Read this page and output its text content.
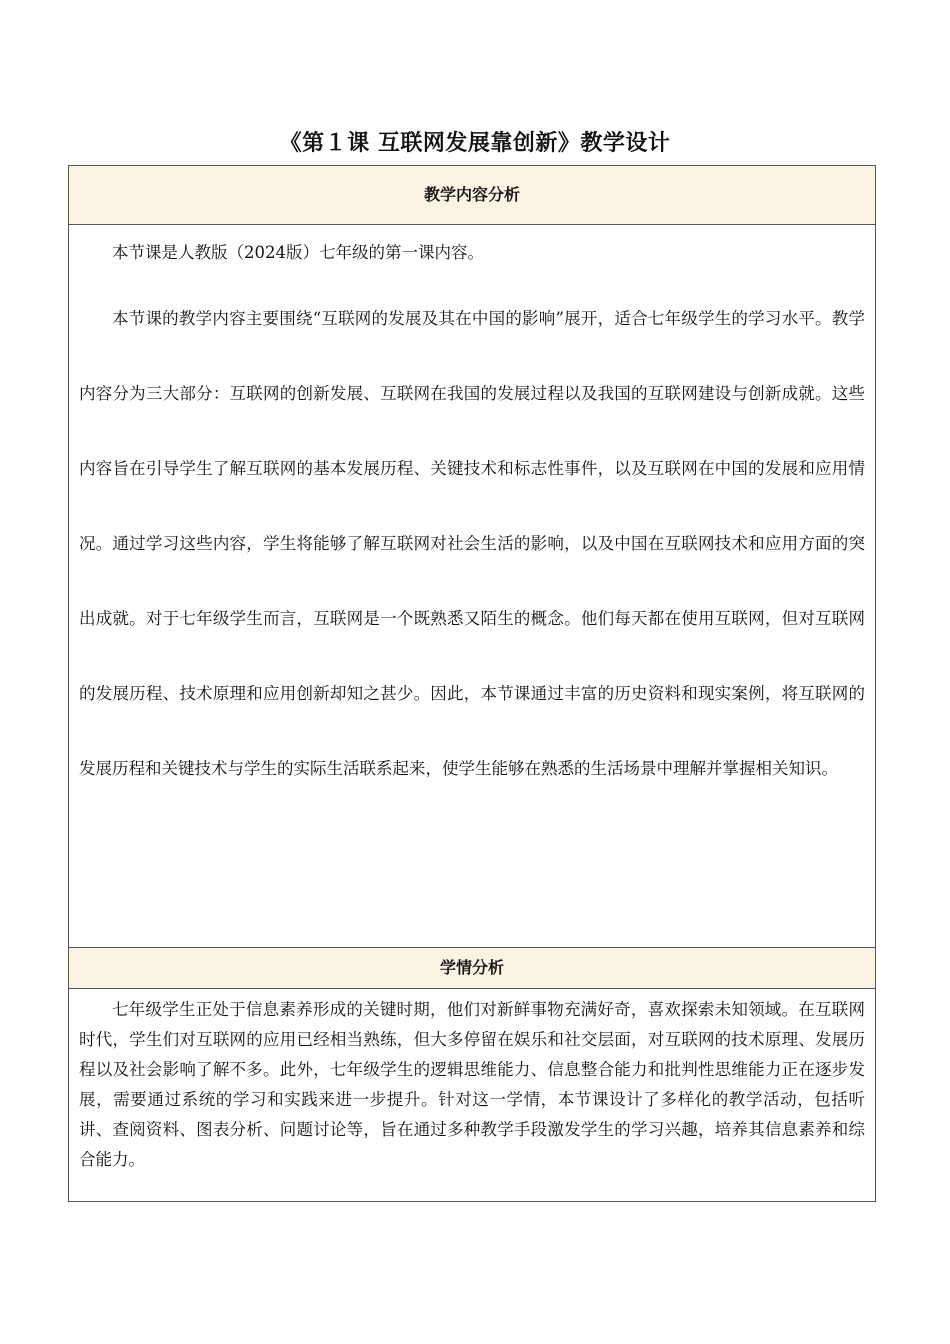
《第１课 互联网发展靠创新》教学设计
教学内容分析

本节课是人教版（2024版）七年级的第一课内容。

本节课的教学内容主要围绕“互联网的发展及其在中国的影响”展开，适合七年级学生的学习水平。教学内容分为三大部分：互联网的创新发展、互联网在我国的发展过程以及我国的互联网建设与创新成就。这些内容旨在引导学生了解互联网的基本发展历程、关键技术和标志性事件，以及互联网在中国的发展和应用情况。通过学习这些内容，学生将能够了解互联网对社会生活的影响，以及中国在互联网技术和应用方面的突出成就。对于七年级学生而言，互联网是一个既熟悉又陌生的概念。他们每天都在使用互联网，但对互联网的发展历程、技术原理和应用创新却知之甚少。因此，本节课通过丰富的历史资料和现实案例，将互联网的发展历程和关键技术与学生的实际生活联系起来，使学生能够在熟悉的生活场景中理解并掌握相关知识。

学情分析

七年级学生正处于信息素养形成的关键时期，他们对新鲜事物充满好奇，喜欢探索未知领域。在互联网时代，学生们对互联网的应用已经相当熟练，但大多停留在娱乐和社交层面，对互联网的技术原理、发展历程以及社会影响了解不多。此外，七年级学生的逻辑思维能力、信息整合能力和批判性思维能力正在逐步发展，需要通过系统的学习和实践来进一步提升。针对这一学情，本节课设计了多样化的教学活动，包括听讲、查阅资料、图表分析、问题讨论等，旨在通过多种教学手段激发学生的学习兴趣，培养其信息素养和综合能力。
